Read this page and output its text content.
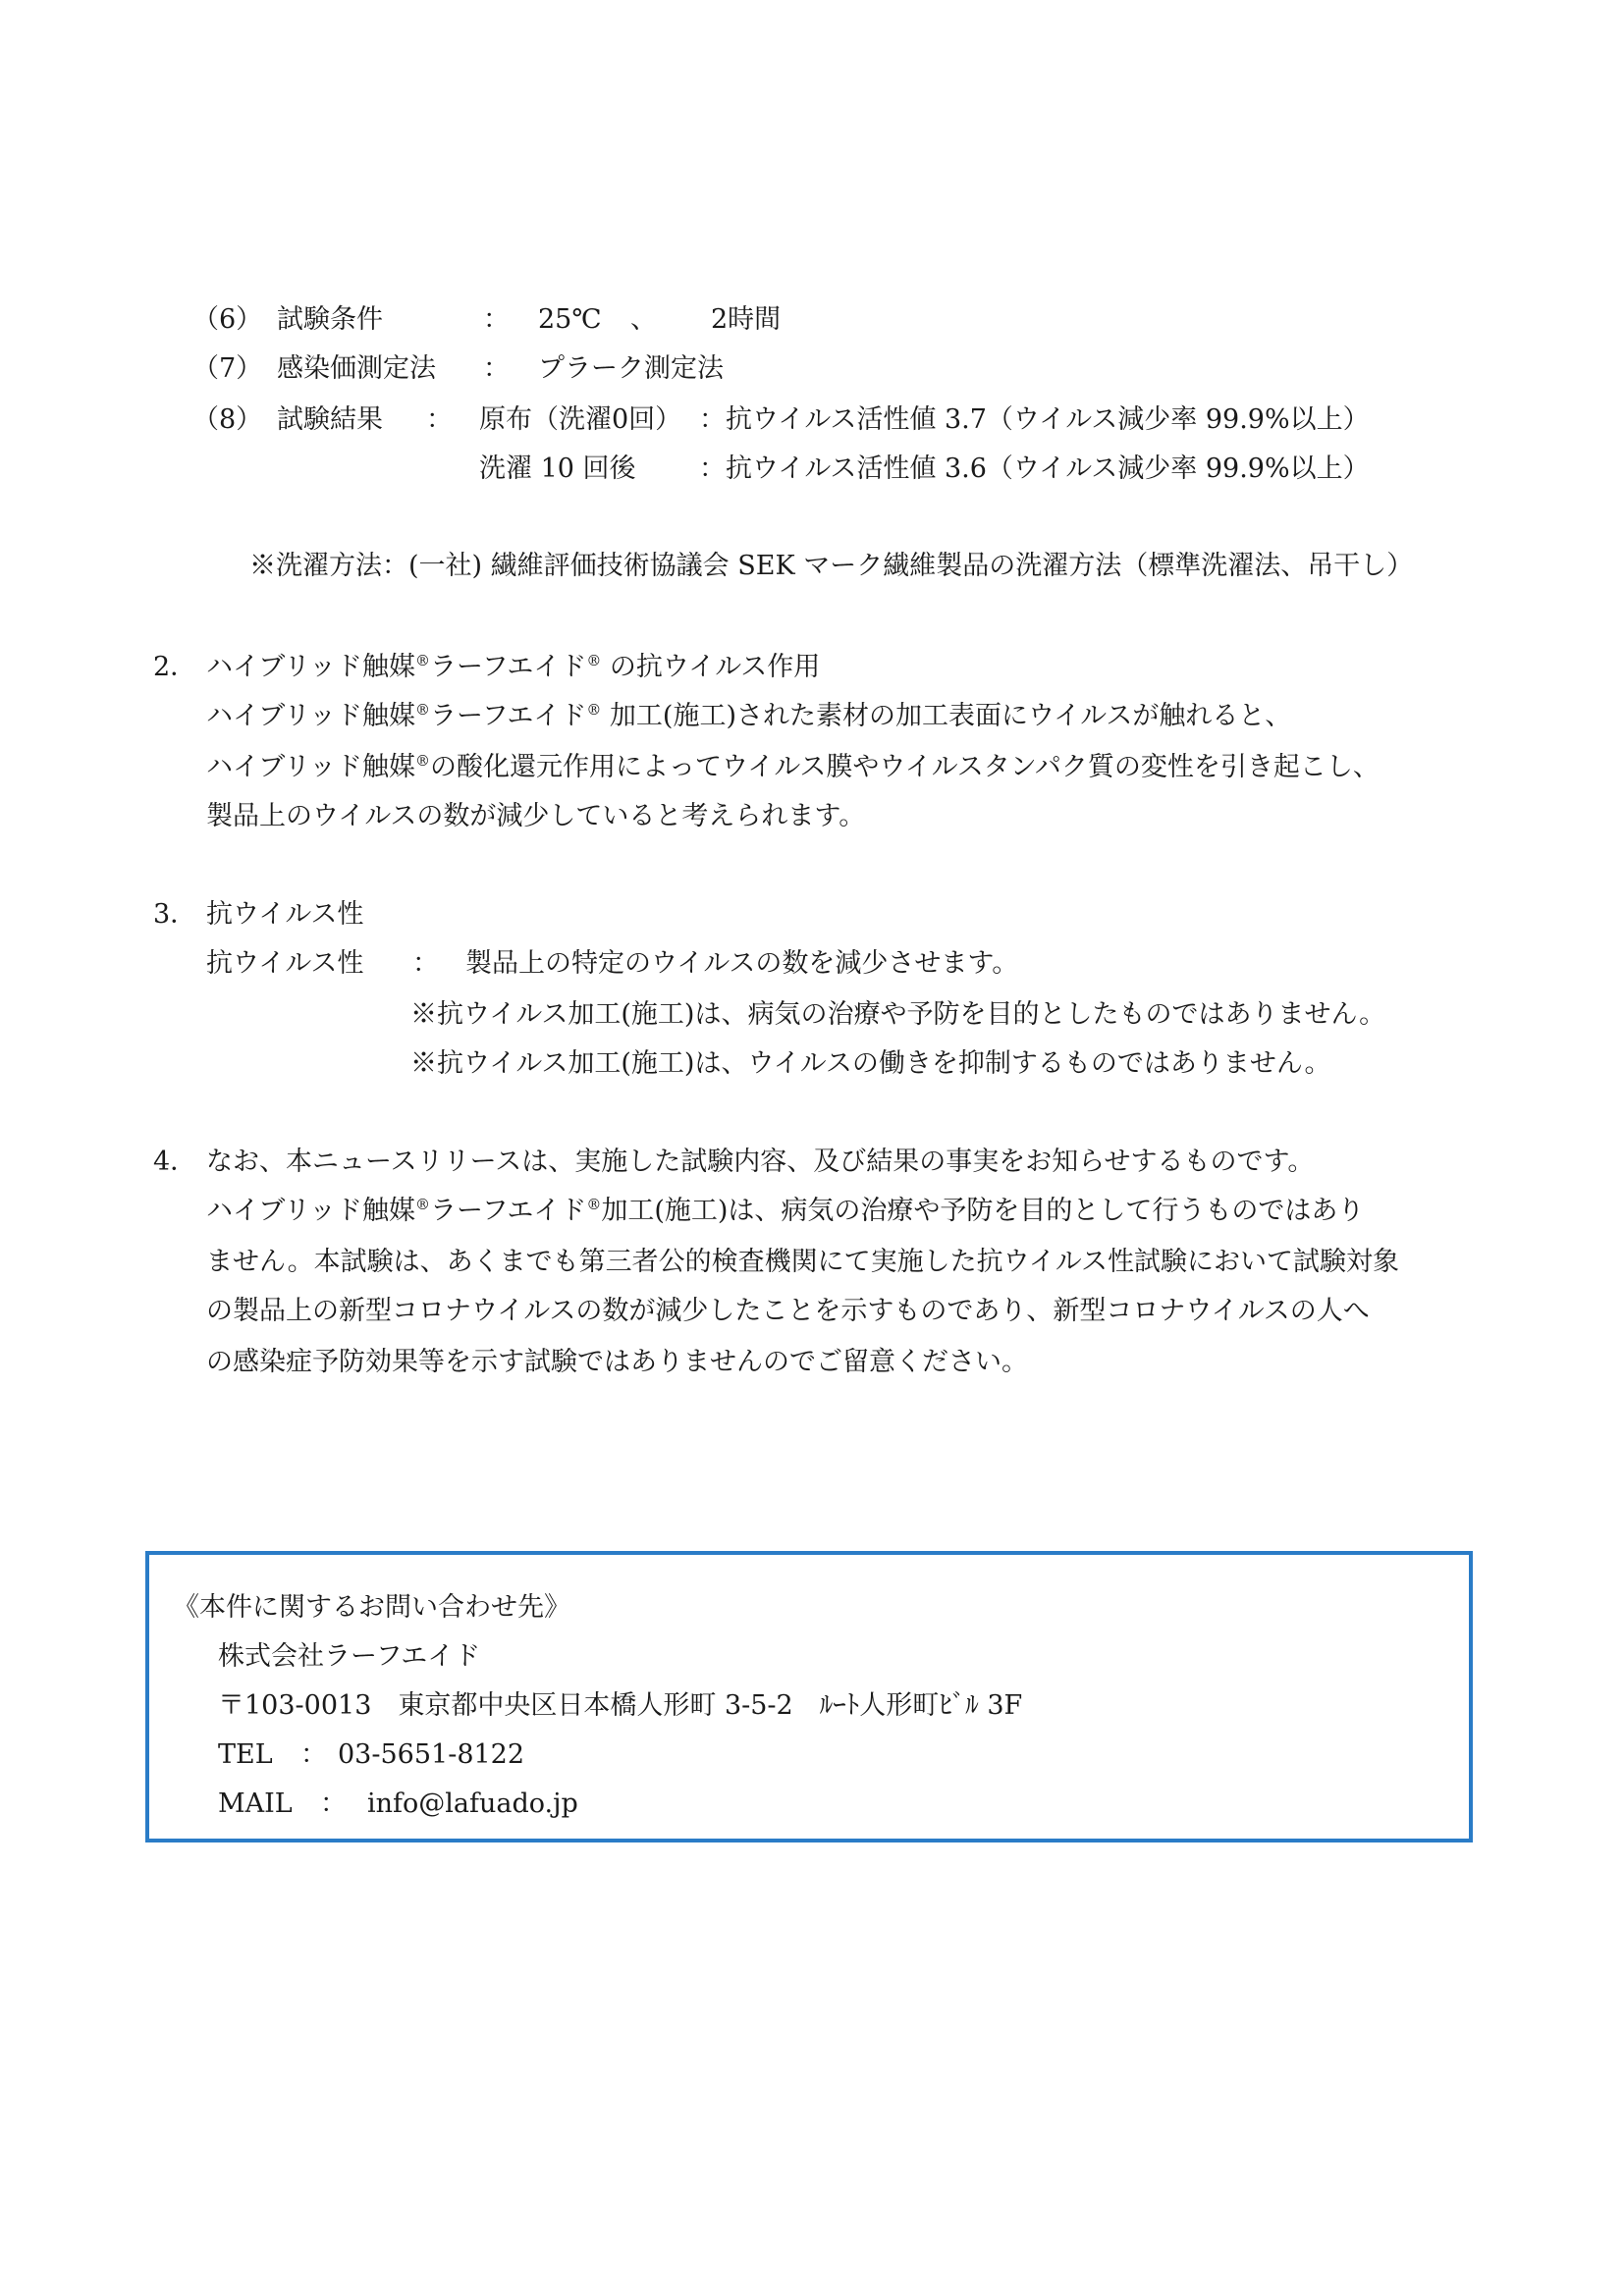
（6） 試験条件	： 25℃ 、 2時間
（7） 感染価測定法 ： プラーク測定法
（8） 試験結果 ： 原布（洗濯0回） ：抗ウイルス活性値 3.7（ウイルス減少率 99.9%以上）
洗濯 10 回後 ：抗ウイルス活性値 3.6（ウイルス減少率 99.9%以上）
※洗濯方法：(一社) 繊維評価技術協議会 SEK マーク繊維製品の洗濯方法（標準洗濯法、吊干し）
2． ハイブリッド触媒®ラーフエイド® の抗ウイルス作用
ハイブリッド触媒®ラーフエイド® 加工(施工)された素材の加工表面にウイルスが触れると、
ハイブリッド触媒®の酸化還元作用によってウイルス膜やウイルスタンパク質の変性を引き起こし、
製品上のウイルスの数が減少していると考えられます。
3． 抗ウイルス性
抗ウイルス性 ： 製品上の特定のウイルスの数を減少させます。
※抗ウイルス加工(施工)は、病気の治療や予防を目的としたものではありません。
※抗ウイルス加工(施工)は、ウイルスの働きを抑制するものではありません。
4． なお、本ニュースリリースは、実施した試験内容、及び結果の事実をお知らせするものです。
ハイブリッド触媒®ラーフエイド®加工(施工)は、病気の治療や予防を目的として行うものではあり
ません。本試験は、あくまでも第三者公的検査機関にて実施した抗ウイルス性試験において試験対象
の製品上の新型コロナウイルスの数が減少したことを示すものであり、新型コロナウイルスの人へ
の感染症予防効果等を示す試験ではありませんのでご留意ください。
《本件に関するお問い合わせ先》
株式会社ラーフエイド
〒103-0013　東京都中央区日本橋人形町 3-5-2　ﾙｰﾄ人形町ﾋﾞﾙ 3F
TEL ： 03-5651-8122
MAIL ： info@lafuado.jp
